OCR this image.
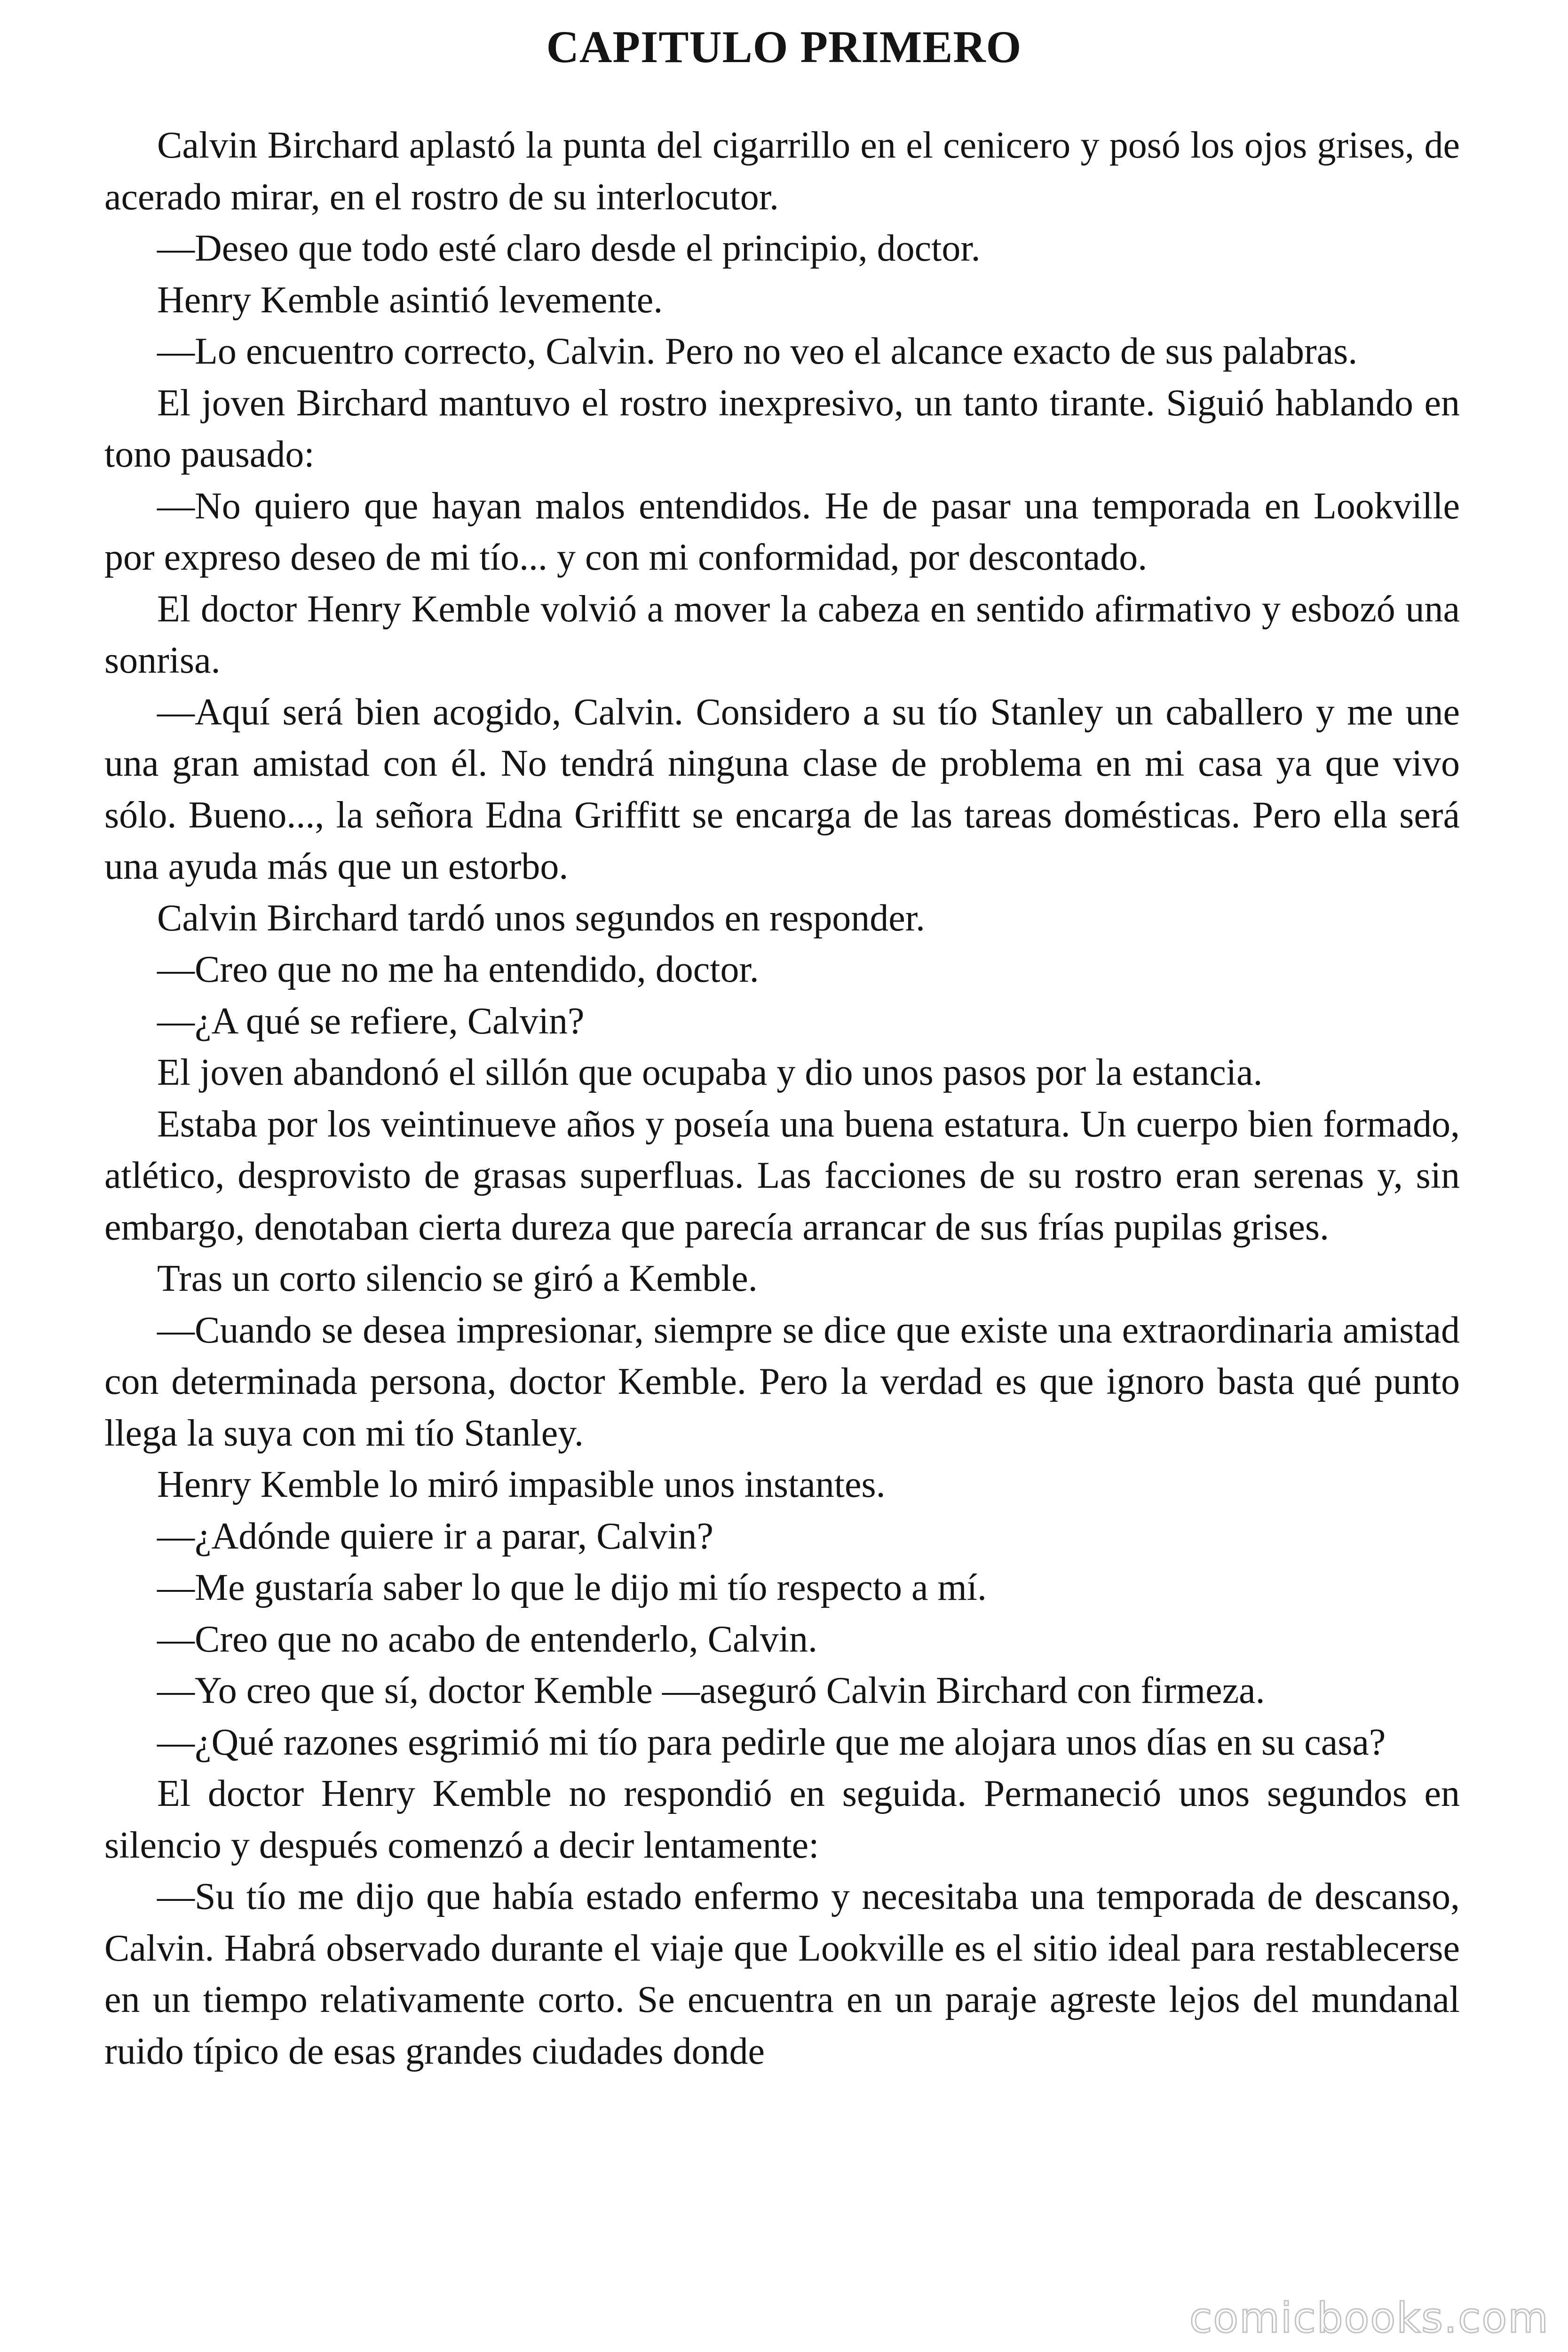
CAPITULO PRIMERO

Calvin Birchard aplastó la punta del cigarrillo en el cenicero y posó los ojos grises, de acerado mirar, en el rostro de su interlocutor.

—Deseo que todo esté claro desde el principio, doctor.

Henry Kemble asintió levemente.

—Lo encuentro correcto, Calvin. Pero no veo el alcance exacto de sus palabras.

El joven Birchard mantuvo el rostro inexpresivo, un tanto tirante. Siguió hablando en tono pausado:

—No quiero que hayan malos entendidos. He de pasar una temporada en Lookville por expreso deseo de mi tío... y con mi conformidad, por descontado.

El doctor Henry Kemble volvió a mover la cabeza en sentido afirmativo y esbozó una sonrisa.

—Aquí será bien acogido, Calvin. Considero a su tío Stanley un caballero y me une una gran amistad con él. No tendrá ninguna clase de problema en mi casa ya que vivo sólo. Bueno..., la señora Edna Griffitt se encarga de las tareas domésticas. Pero ella será una ayuda más que un estorbo.

Calvin Birchard tardó unos segundos en responder.

—Creo que no me ha entendido, doctor.

—¿A qué se refiere, Calvin?

El joven abandonó el sillón que ocupaba y dio unos pasos por la estancia.

Estaba por los veintinueve años y poseía una buena estatura. Un cuerpo bien formado, atlético, desprovisto de grasas superfluas. Las facciones de su rostro eran serenas y, sin embargo, denotaban cierta dureza que parecía arrancar de sus frías pupilas grises.

Tras un corto silencio se giró a Kemble.

—Cuando se desea impresionar, siempre se dice que existe una extraordinaria amistad con determinada persona, doctor Kemble. Pero la verdad es que ignoro basta qué punto llega la suya con mi tío Stanley.

Henry Kemble lo miró impasible unos instantes.

—¿Adónde quiere ir a parar, Calvin?

—Me gustaría saber lo que le dijo mi tío respecto a mí.

—Creo que no acabo de entenderlo, Calvin.

—Yo creo que sí, doctor Kemble —aseguró Calvin Birchard con firmeza.

—¿Qué razones esgrimió mi tío para pedirle que me alojara unos días en su casa?

El doctor Henry Kemble no respondió en seguida. Permaneció unos segundos en silencio y después comenzó a decir lentamente:

—Su tío me dijo que había estado enfermo y necesitaba una temporada de descanso, Calvin. Habrá observado durante el viaje que Lookville es el sitio ideal para restablecerse en un tiempo relativamente corto. Se encuentra en un paraje agreste lejos del mundanal ruido típico de esas grandes ciudades donde

comicbooks.com
